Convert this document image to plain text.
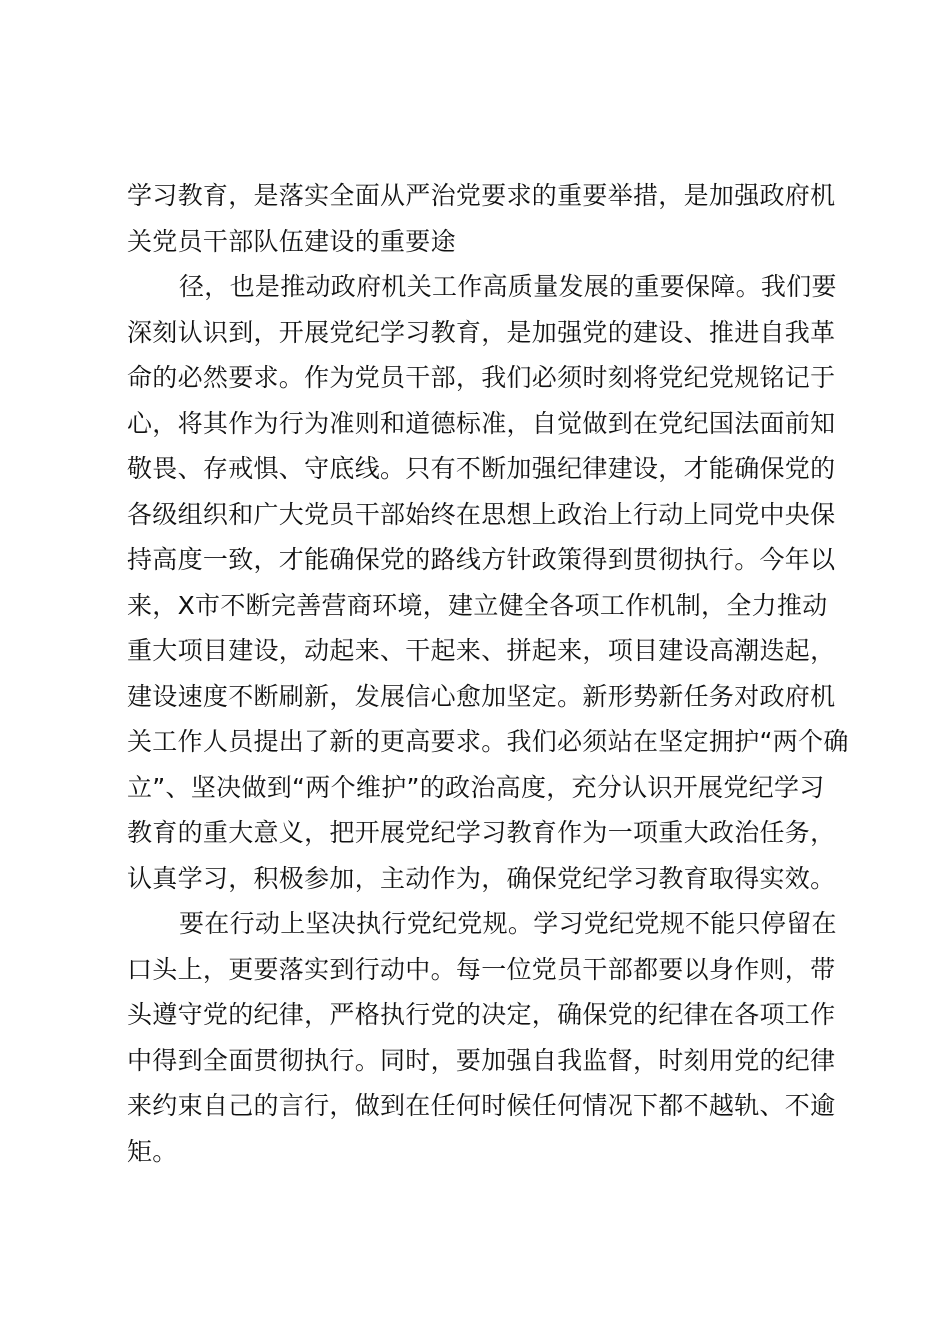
学习教育，是落实全面从严治党要求的重要举措，是加强政府机
关党员干部队伍建设的重要途
径，也是推动政府机关工作高质量发展的重要保障。我们要
深刻认识到，开展党纪学习教育，是加强党的建设、推进自我革
命的必然要求。作为党员干部，我们必须时刻将党纪党规铭记于
心，将其作为行为准则和道德标准，自觉做到在党纪国法面前知
敬畏、存戒惧、守底线。只有不断加强纪律建设，才能确保党的
各级组织和广大党员干部始终在思想上政治上行动上同党中央保
持高度一致，才能确保党的路线方针政策得到贯彻执行。今年以
来，X市不断完善营商环境，建立健全各项工作机制，全力推动
重大项目建设，动起来、干起来、拼起来，项目建设高潮迭起，
建设速度不断刷新，发展信心愈加坚定。新形势新任务对政府机
关工作人员提出了新的更高要求。我们必须站在坚定拥护“两个确
立”、坚决做到“两个维护”的政治高度，充分认识开展党纪学习
教育的重大意义，把开展党纪学习教育作为一项重大政治任务，
认真学习，积极参加，主动作为，确保党纪学习教育取得实效。
要在行动上坚决执行党纪党规。学习党纪党规不能只停留在
口头上，更要落实到行动中。每一位党员干部都要以身作则，带
头遵守党的纪律，严格执行党的决定，确保党的纪律在各项工作
中得到全面贯彻执行。同时，要加强自我监督，时刻用党的纪律
来约束自己的言行，做到在任何时候任何情况下都不越轨、不逾
矩。
